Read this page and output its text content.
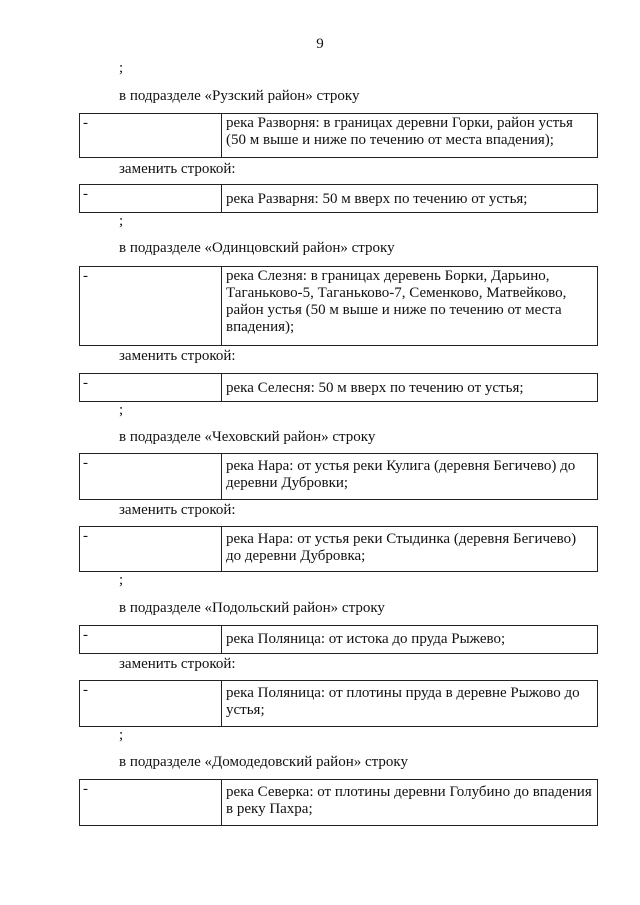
9
;
в подразделе «Рузский район» строку
-	река Разворня: в границах деревни Горки, район устья (50 м выше и ниже по течению от места впадения);
заменить строкой:
-	река Разварня: 50 м вверх по течению от устья;
;
в подразделе «Одинцовский район» строку
-	река Слезня: в границах деревень Борки, Дарьино, Таганьково-5, Таганьково-7, Семенково, Матвейково, район устья (50 м выше и ниже по течению от места впадения);
заменить строкой:
-	река Селесня: 50 м вверх по течению от устья;
;
в подразделе «Чеховский район» строку
-	река Нара: от устья реки Кулига (деревня Бегичево) до деревни Дубровки;
заменить строкой:
-	река Нара: от устья реки Стыдинка (деревня Бегичево) до деревни Дубровка;
;
в подразделе «Подольский район» строку
-	река Поляница: от истока до пруда Рыжево;
заменить строкой:
-	река Поляница: от плотины пруда в деревне Рыжово до устья;
;
в подразделе «Домодедовский район» строку
-	река Северка: от плотины деревни Голубино до впадения в реку Пахра;
